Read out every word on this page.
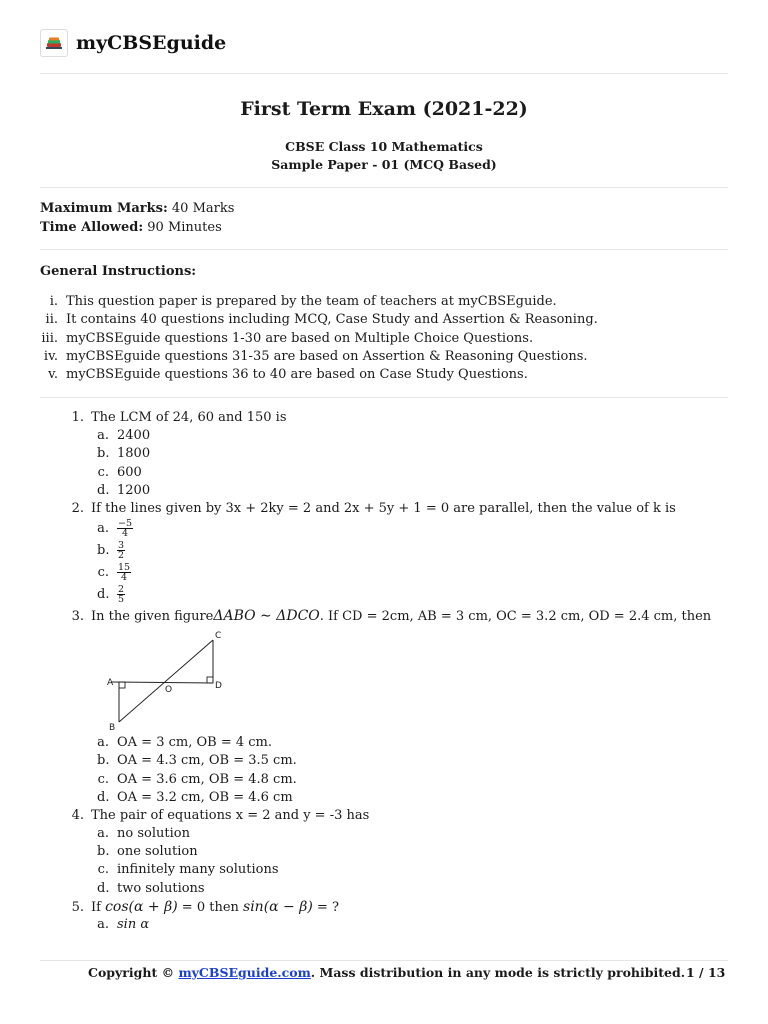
myCBSEguide
First Term Exam (2021-22)
CBSE Class 10 Mathematics
Sample Paper - 01 (MCQ Based)
Maximum Marks: 40 Marks
Time Allowed: 90 Minutes
General Instructions:
i. This question paper is prepared by the team of teachers at myCBSEguide.
ii. It contains 40 questions including MCQ, Case Study and Assertion & Reasoning.
iii. myCBSEguide questions 1-30 are based on Multiple Choice Questions.
iv. myCBSEguide questions 31-35 are based on Assertion & Reasoning Questions.
v. myCBSEguide questions 36 to 40 are based on Case Study Questions.
1. The LCM of 24, 60 and 150 is
a. 2400
b. 1800
c. 600
d. 1200
2. If the lines given by 3x + 2ky = 2 and 2x + 5y + 1 = 0 are parallel, then the value of k is
a. $\frac{-5}{4}$
b. $\frac{3}{2}$
c. $\frac{15}{4}$
d. $\frac{2}{5}$
3. In the given figureΔABO ∼ ΔDCO. If CD = 2cm, AB = 3 cm, OC = 3.2 cm, OD = 2.4 cm, then
A
B
C
D
O
a. OA = 3 cm, OB = 4 cm.
b. OA = 4.3 cm, OB = 3.5 cm.
c. OA = 3.6 cm, OB = 4.8 cm.
d. OA = 3.2 cm, OB = 4.6 cm
4. The pair of equations x = 2 and y = -3 has
a. no solution
b. one solution
c. infinitely many solutions
d. two solutions
5. If cos(α + β) = 0 then sin(α − β) = ?
a. sin α
Copyright © myCBSEguide.com. Mass distribution in any mode is strictly prohibited. 1 / 13
